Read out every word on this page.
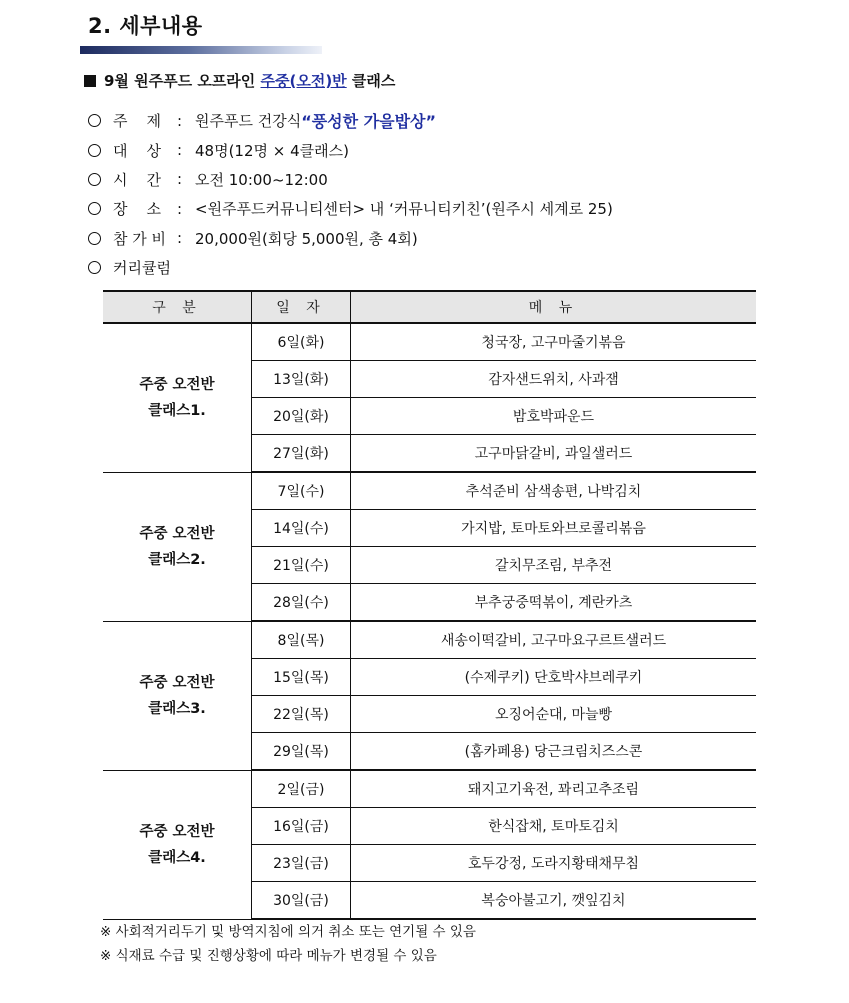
2. 세부내용
9월 원주푸드 오프라인 주중(오전)반 클래스
주    제	: 원주푸드 건강식 “풍성한 가을밥상”
대    상	: 48명(12명 × 4클래스)
시    간	: 오전 10:00~12:00
장    소	: <원주푸드커뮤니티센터> 내 ‘커뮤니티키친’(원주시 세계로 25)
참 가 비 : 20,000원(회당 5,000원, 총 4회)
커리큘럼
구 분	일 자	메 뉴

주중 오전반
클래스1.	6일(화)	청국장, 고구마줄기볶음
	13일(화)	감자샌드위치, 사과잼
	20일(화)	밤호박파운드
	27일(화)	고구마닭갈비, 과일샐러드

주중 오전반
클래스2.	7일(수)	추석준비 삼색송편, 나박김치
	14일(수)	가지밥, 토마토와브로콜리볶음
	21일(수)	갈치무조림, 부추전
	28일(수)	부추궁중떡볶이, 계란카츠

주중 오전반
클래스3.	8일(목)	새송이떡갈비, 고구마요구르트샐러드
	15일(목)	(수제쿠키) 단호박샤브레쿠키
	22일(목)	오징어순대, 마늘빵
	29일(목)	(홈카페용) 당근크림치즈스콘

주중 오전반
클래스4.	2일(금)	돼지고기육전, 꽈리고추조림
	16일(금)	한식잡채, 토마토김치
	23일(금)	호두강정, 도라지황태채무침
	30일(금)	복숭아불고기, 깻잎김치
※ 사회적거리두기 및 방역지침에 의거 취소 또는 연기될 수 있음
※ 식재료 수급 및 진행상황에 따라 메뉴가 변경될 수 있음
